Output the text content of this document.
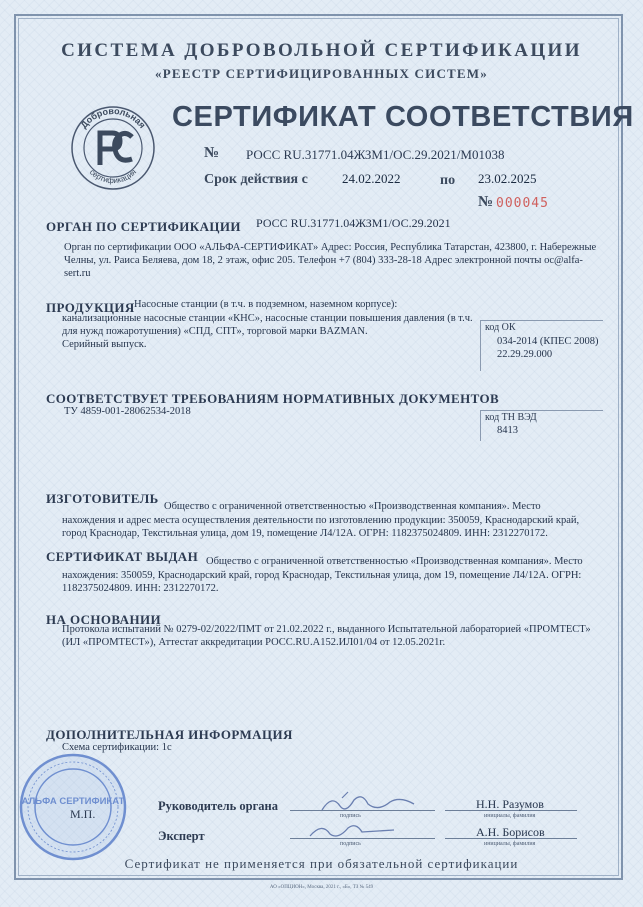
СИСТЕМА ДОБРОВОЛЬНОЙ СЕРТИФИКАЦИИ
«РЕЕСТР СЕРТИФИЦИРОВАННЫХ СИСТЕМ»
Добровольная
сертификация
СЕРТИФИКАТ СООТВЕТСТВИЯ
№ РОСС RU.31771.04ЖЗМ1/ОС.29.2021/М01038
Срок действия с	24.02.2022	по 23.02.2025
№ 000045
ОРГАН ПО СЕРТИФИКАЦИИ РОСС RU.31771.04ЖЗМ1/ОС.29.2021
Орган по сертификации ООО «АЛЬФА-СЕРТИФИКАТ» Адрес: Россия, Республика Татарстан, 423800, г. Набережные Челны, ул. Раиса Беляева, дом 18, 2 этаж, офис 205. Телефон +7 (804) 333-28-18 Адрес электронной почты oc@alfa-sert.ru
ПРОДУКЦИЯ Насосные станции (в т.ч. в подземном, наземном корпусе):
канализационные насосные станции «КНС», насосные станции повышения давления (в т.ч. для нужд пожаротушения) «СПД, СПТ», торговой марки BAZMAN.
Серийный выпуск.
код ОК
034-2014 (КПЕС 2008)
22.29.29.000
СООТВЕТСТВУЕТ ТРЕБОВАНИЯМ НОРМАТИВНЫХ ДОКУМЕНТОВ
ТУ 4859-001-28062534-2018
код ТН ВЭД
8413
ИЗГОТОВИТЕЛЬ
Общество с ограниченной ответственностью «Производственная компания». Место
нахождения и адрес места осуществления деятельности по изготовлению продукции: 350059, Краснодарский край, город Краснодар, Текстильная улица, дом 19, помещение Л4/12А. ОГРН: 1182375024809. ИНН: 2312270172.
СЕРТИФИКАТ ВЫДАН Общество с ограниченной ответственностью «Производственная компания». Место
нахождения: 350059, Краснодарский край, город Краснодар, Текстильная улица, дом 19, помещение Л4/12А. ОГРН: 1182375024809. ИНН: 2312270172.
НА ОСНОВАНИИ
Протокола испытаний № 0279-02/2022/ПМТ от 21.02.2022 г., выданного Испытательной лабораторией «ПРОМТЕСТ» (ИЛ «ПРОМТЕСТ»), Аттестат аккредитации РОСС.RU.А152.ИЛ01/04 от 12.05.2021г.
ДОПОЛНИТЕЛЬНАЯ ИНФОРМАЦИЯ
Схема сертификации: 1с
АЛЬФА СЕРТИФИКАТ
М.П.
Руководитель органа
подпись
Н.Н. Разумов
инициалы, фамилия
Эксперт
подпись
А.Н. Борисов
инициалы, фамилия
Сертификат не применяется при обязательной сертификации
АО «ОПЦИОН», Москва, 2021 г., «Б», ТЗ № 549
